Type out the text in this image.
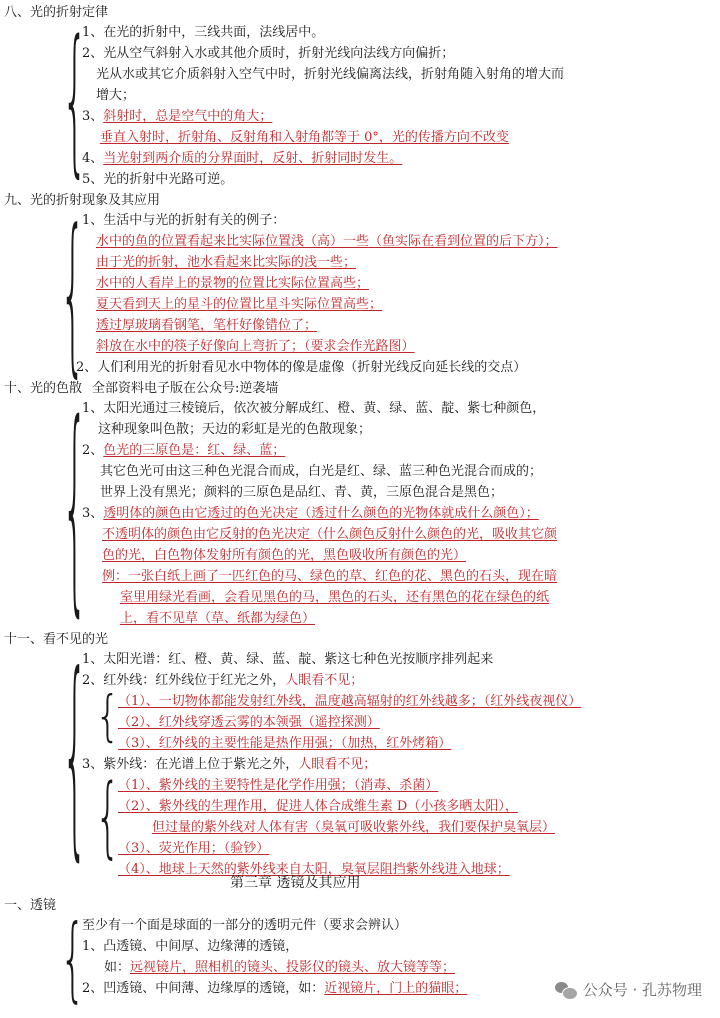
八、光的折射定律
{
1、在光的折射中，三线共面，法线居中。
2、光从空气斜射入水或其他介质时，折射光线向法线方向偏折；
光从水或其它介质斜射入空气中时，折射光线偏离法线，折射角随入射角的增大而
增大；
3、斜射时，总是空气中的角大；
垂直入射时，折射角、反射角和入射角都等于 0°，光的传播方向不改变
4、当光射到两介质的分界面时，反射、折射同时发生。
5、光的折射中光路可逆。
九、光的折射现象及其应用
{
1、生活中与光的折射有关的例子：
水中的鱼的位置看起来比实际位置浅（高）一些（鱼实际在看到位置的后下方）；
由于光的折射，池水看起来比实际的浅一些；
水中的人看岸上的景物的位置比实际位置高些；
夏天看到天上的星斗的位置比星斗实际位置高些；
透过厚玻璃看钢笔，笔杆好像错位了；
斜放在水中的筷子好像向上弯折了；（要求会作光路图）
2、人们利用光的折射看见水中物体的像是虚像（折射光线反向延长线的交点）
十、光的色散 全部资料电子版在公众号:逆袭墙
{
1、太阳光通过三棱镜后，依次被分解成红、橙、黄、绿、蓝、靛、紫七种颜色，
这种现象叫色散；天边的彩虹是光的色散现象；
2、色光的三原色是：红、绿、蓝；
其它色光可由这三种色光混合而成，白光是红、绿、蓝三种色光混合而成的；
世界上没有黑光；颜料的三原色是品红、青、黄，三原色混合是黑色；
3、透明体的颜色由它透过的色光决定（透过什么颜色的光物体就成什么颜色）；
不透明体的颜色由它反射的色光决定（什么颜色反射什么颜色的光，吸收其它颜
色的光，白色物体发射所有颜色的光，黑色吸收所有颜色的光）
例：一张白纸上画了一匹红色的马、绿色的草、红色的花、黑色的石头，现在暗
室里用绿光看画，会看见黑色的马，黑色的石头，还有黑色的花在绿色的纸
上，看不见草（草、纸都为绿色）
十一、看不见的光
{
1、太阳光谱：红、橙、黄、绿、蓝、靛、紫这七种色光按顺序排列起来
2、红外线：红外线位于红光之外，人眼看不见；
{
（1）、一切物体都能发射红外线，温度越高辐射的红外线越多；（红外线夜视仪）
（2）、红外线穿透云雾的本领强（遥控探测）
（3）、红外线的主要性能是热作用强；（加热，红外烤箱）
3、紫外线：在光谱上位于紫光之外，人眼看不见；
{
（1）、紫外线的主要特性是化学作用强；（消毒、杀菌）
（2）、紫外线的生理作用，促进人体合成维生素 D（小孩多晒太阳），
但过量的紫外线对人体有害（臭氧可吸收紫外线，我们要保护臭氧层）
（3）、荧光作用；（验钞）
（4）、地球上天然的紫外线来自太阳，臭氧层阻挡紫外线进入地球；
第三章 透镜及其应用
一、透镜
{
至少有一个面是球面的一部分的透明元件（要求会辨认）
1、凸透镜、中间厚、边缘薄的透镜，
如：远视镜片，照相机的镜头、投影仪的镜头、放大镜等等；
2、凹透镜、中间薄、边缘厚的透镜，如：近视镜片，门上的猫眼；	公众号 · 孔苏物理
